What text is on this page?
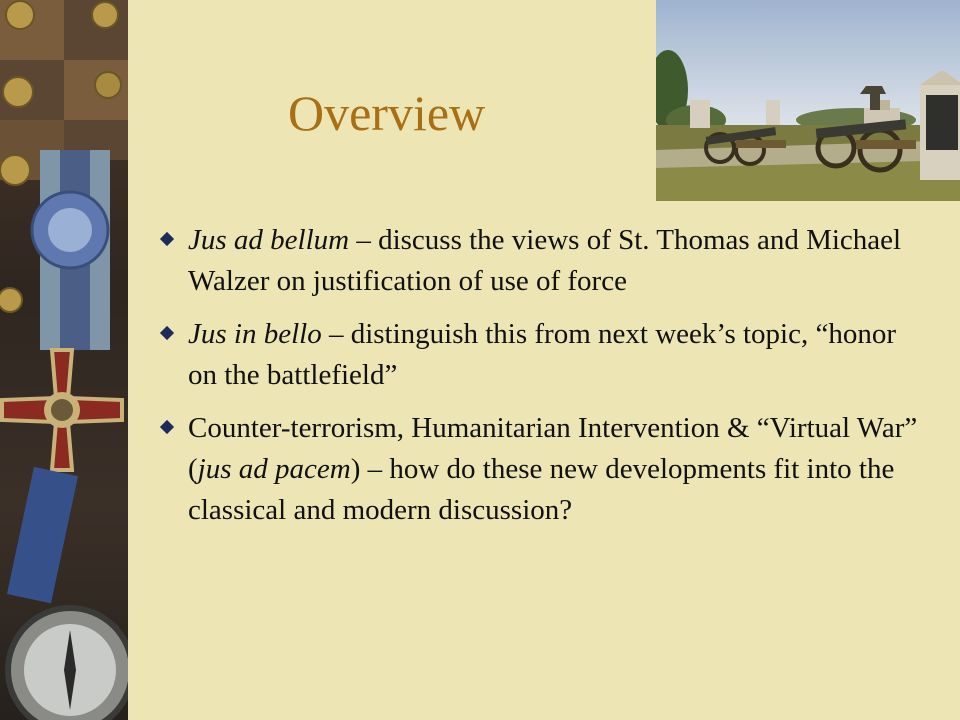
Overview
Jus ad bellum – discuss the views of St. Thomas and Michael Walzer on justification of use of force
Jus in bello – distinguish this from next week’s topic, “honor on the battlefield”
Counter-terrorism, Humanitarian Intervention & “Virtual War” (jus ad pacem) – how do these new developments fit into the classical and modern discussion?
